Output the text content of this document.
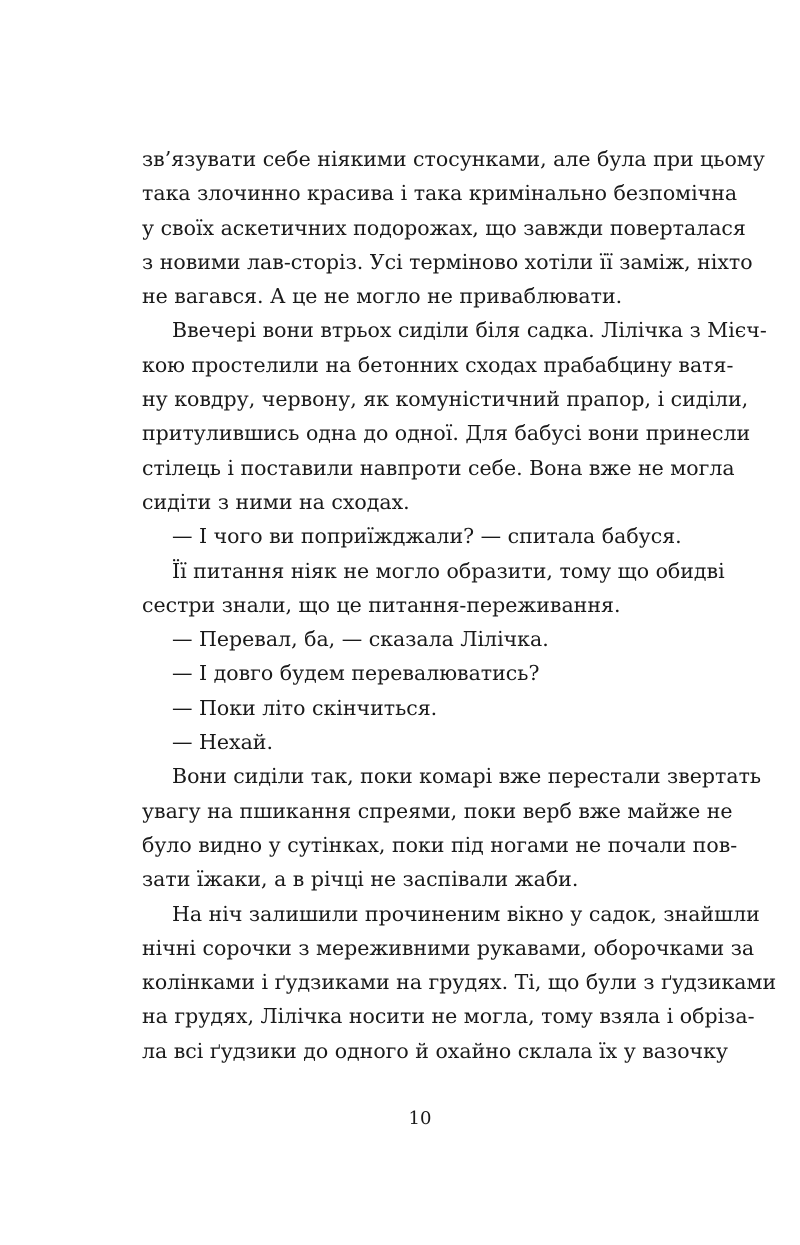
зв’язувати себе ніякими стосунками, але була при цьому
така злочинно красива і така кримінально безпомічна
у своїх аскетичних подорожах, що завжди поверталася
з новими лав-сторіз. Усі терміново хотіли її заміж, ніхто
не вагався. А це не могло не приваблювати.
Ввечері вони втрьох сиділи біля садка. Лілічка з Мієч-
кою простелили на бетонних сходах прабабцину ватя-
ну ковдру, червону, як комуністичний прапор, і сиділи,
притулившись одна до одної. Для бабусі вони принесли
стілець і поставили навпроти себе. Вона вже не могла
сидіти з ними на сходах.
— І чого ви поприїжджали? — спитала бабуся.
Її питання ніяк не могло образити, тому що обидві
сестри знали, що це питання-переживання.
— Перевал, ба, — сказала Лілічка.
— І довго будем перевалюватись?
— Поки літо скінчиться.
— Нехай.
Вони сиділи так, поки комарі вже перестали звертать
увагу на пшикання спреями, поки верб вже майже не
було видно у сутінках, поки під ногами не почали пов-
зати їжаки, а в річці не заспівали жаби.
На ніч залишили прочиненим вікно у садок, знайшли
нічні сорочки з мереживними рукавами, оборочками за
колінками і ґудзиками на грудях. Ті, що були з ґудзиками
на грудях, Лілічка носити не могла, тому взяла і обріза-
ла всі ґудзики до одного й охайно склала їх у вазочку
10
